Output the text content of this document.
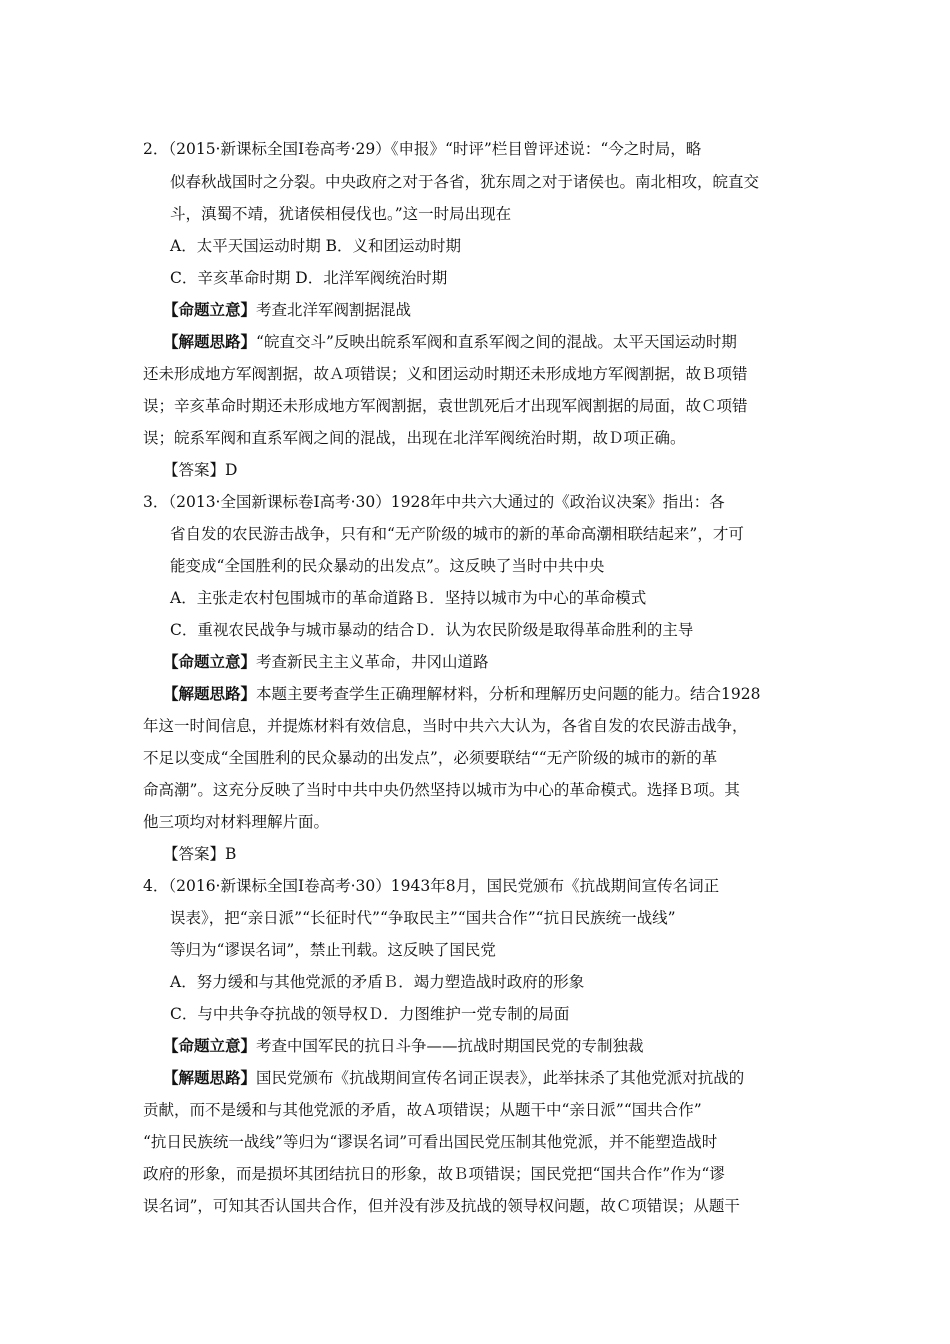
2．（2015·新课标全国Ⅰ卷高考·29）《申报》“时评”栏目曾评述说：“今之时局，略
似春秋战国时之分裂。中央政府之对于各省，犹东周之对于诸侯也。南北相攻，皖直交
斗，滇蜀不靖，犹诸侯相侵伐也。”这一时局出现在
A．太平天国运动时期 B．义和团运动时期
C．辛亥革命时期 D．北洋军阀统治时期
【命题立意】考查北洋军阀割据混战
【解题思路】“皖直交斗”反映出皖系军阀和直系军阀之间的混战。太平天国运动时期
还未形成地方军阀割据，故Ａ项错误；义和团运动时期还未形成地方军阀割据，故Ｂ项错
误；辛亥革命时期还未形成地方军阀割据，袁世凯死后才出现军阀割据的局面，故Ｃ项错
误；皖系军阀和直系军阀之间的混战，出现在北洋军阀统治时期，故Ｄ项正确。
【答案】D
3．（2013·全国新课标卷Ⅰ高考·30）1928年中共六大通过的《政治议决案》指出：各
省自发的农民游击战争，只有和“无产阶级的城市的新的革命高潮相联结起来”，才可
能变成“全国胜利的民众暴动的出发点”。这反映了当时中共中央
A．主张走农村包围城市的革命道路Ｂ．坚持以城市为中心的革命模式
C．重视农民战争与城市暴动的结合Ｄ．认为农民阶级是取得革命胜利的主导
【命题立意】考查新民主主义革命，井冈山道路
【解题思路】本题主要考查学生正确理解材料，分析和理解历史问题的能力。结合1928
年这一时间信息，并提炼材料有效信息，当时中共六大认为，各省自发的农民游击战争，
不足以变成“全国胜利的民众暴动的出发点”，必须要联结““无产阶级的城市的新的革
命高潮”。这充分反映了当时中共中央仍然坚持以城市为中心的革命模式。选择Ｂ项。其
他三项均对材料理解片面。
【答案】B
4．（2016·新课标全国Ⅰ卷高考·30）1943年8月，国民党颁布《抗战期间宣传名词正
误表》，把“亲日派”“长征时代”“争取民主”“国共合作”“抗日民族统一战线”
等归为“谬误名词”，禁止刊载。这反映了国民党
A．努力缓和与其他党派的矛盾Ｂ．竭力塑造战时政府的形象
C．与中共争夺抗战的领导权Ｄ．力图维护一党专制的局面
【命题立意】考查中国军民的抗日斗争——抗战时期国民党的专制独裁
【解题思路】国民党颁布《抗战期间宣传名词正误表》，此举抹杀了其他党派对抗战的
贡献，而不是缓和与其他党派的矛盾，故Ａ项错误；从题干中“亲日派”“国共合作”
“抗日民族统一战线”等归为“谬误名词”可看出国民党压制其他党派，并不能塑造战时
政府的形象，而是损坏其团结抗日的形象，故Ｂ项错误；国民党把“国共合作”作为“谬
误名词”，可知其否认国共合作，但并没有涉及抗战的领导权问题，故Ｃ项错误；从题干
